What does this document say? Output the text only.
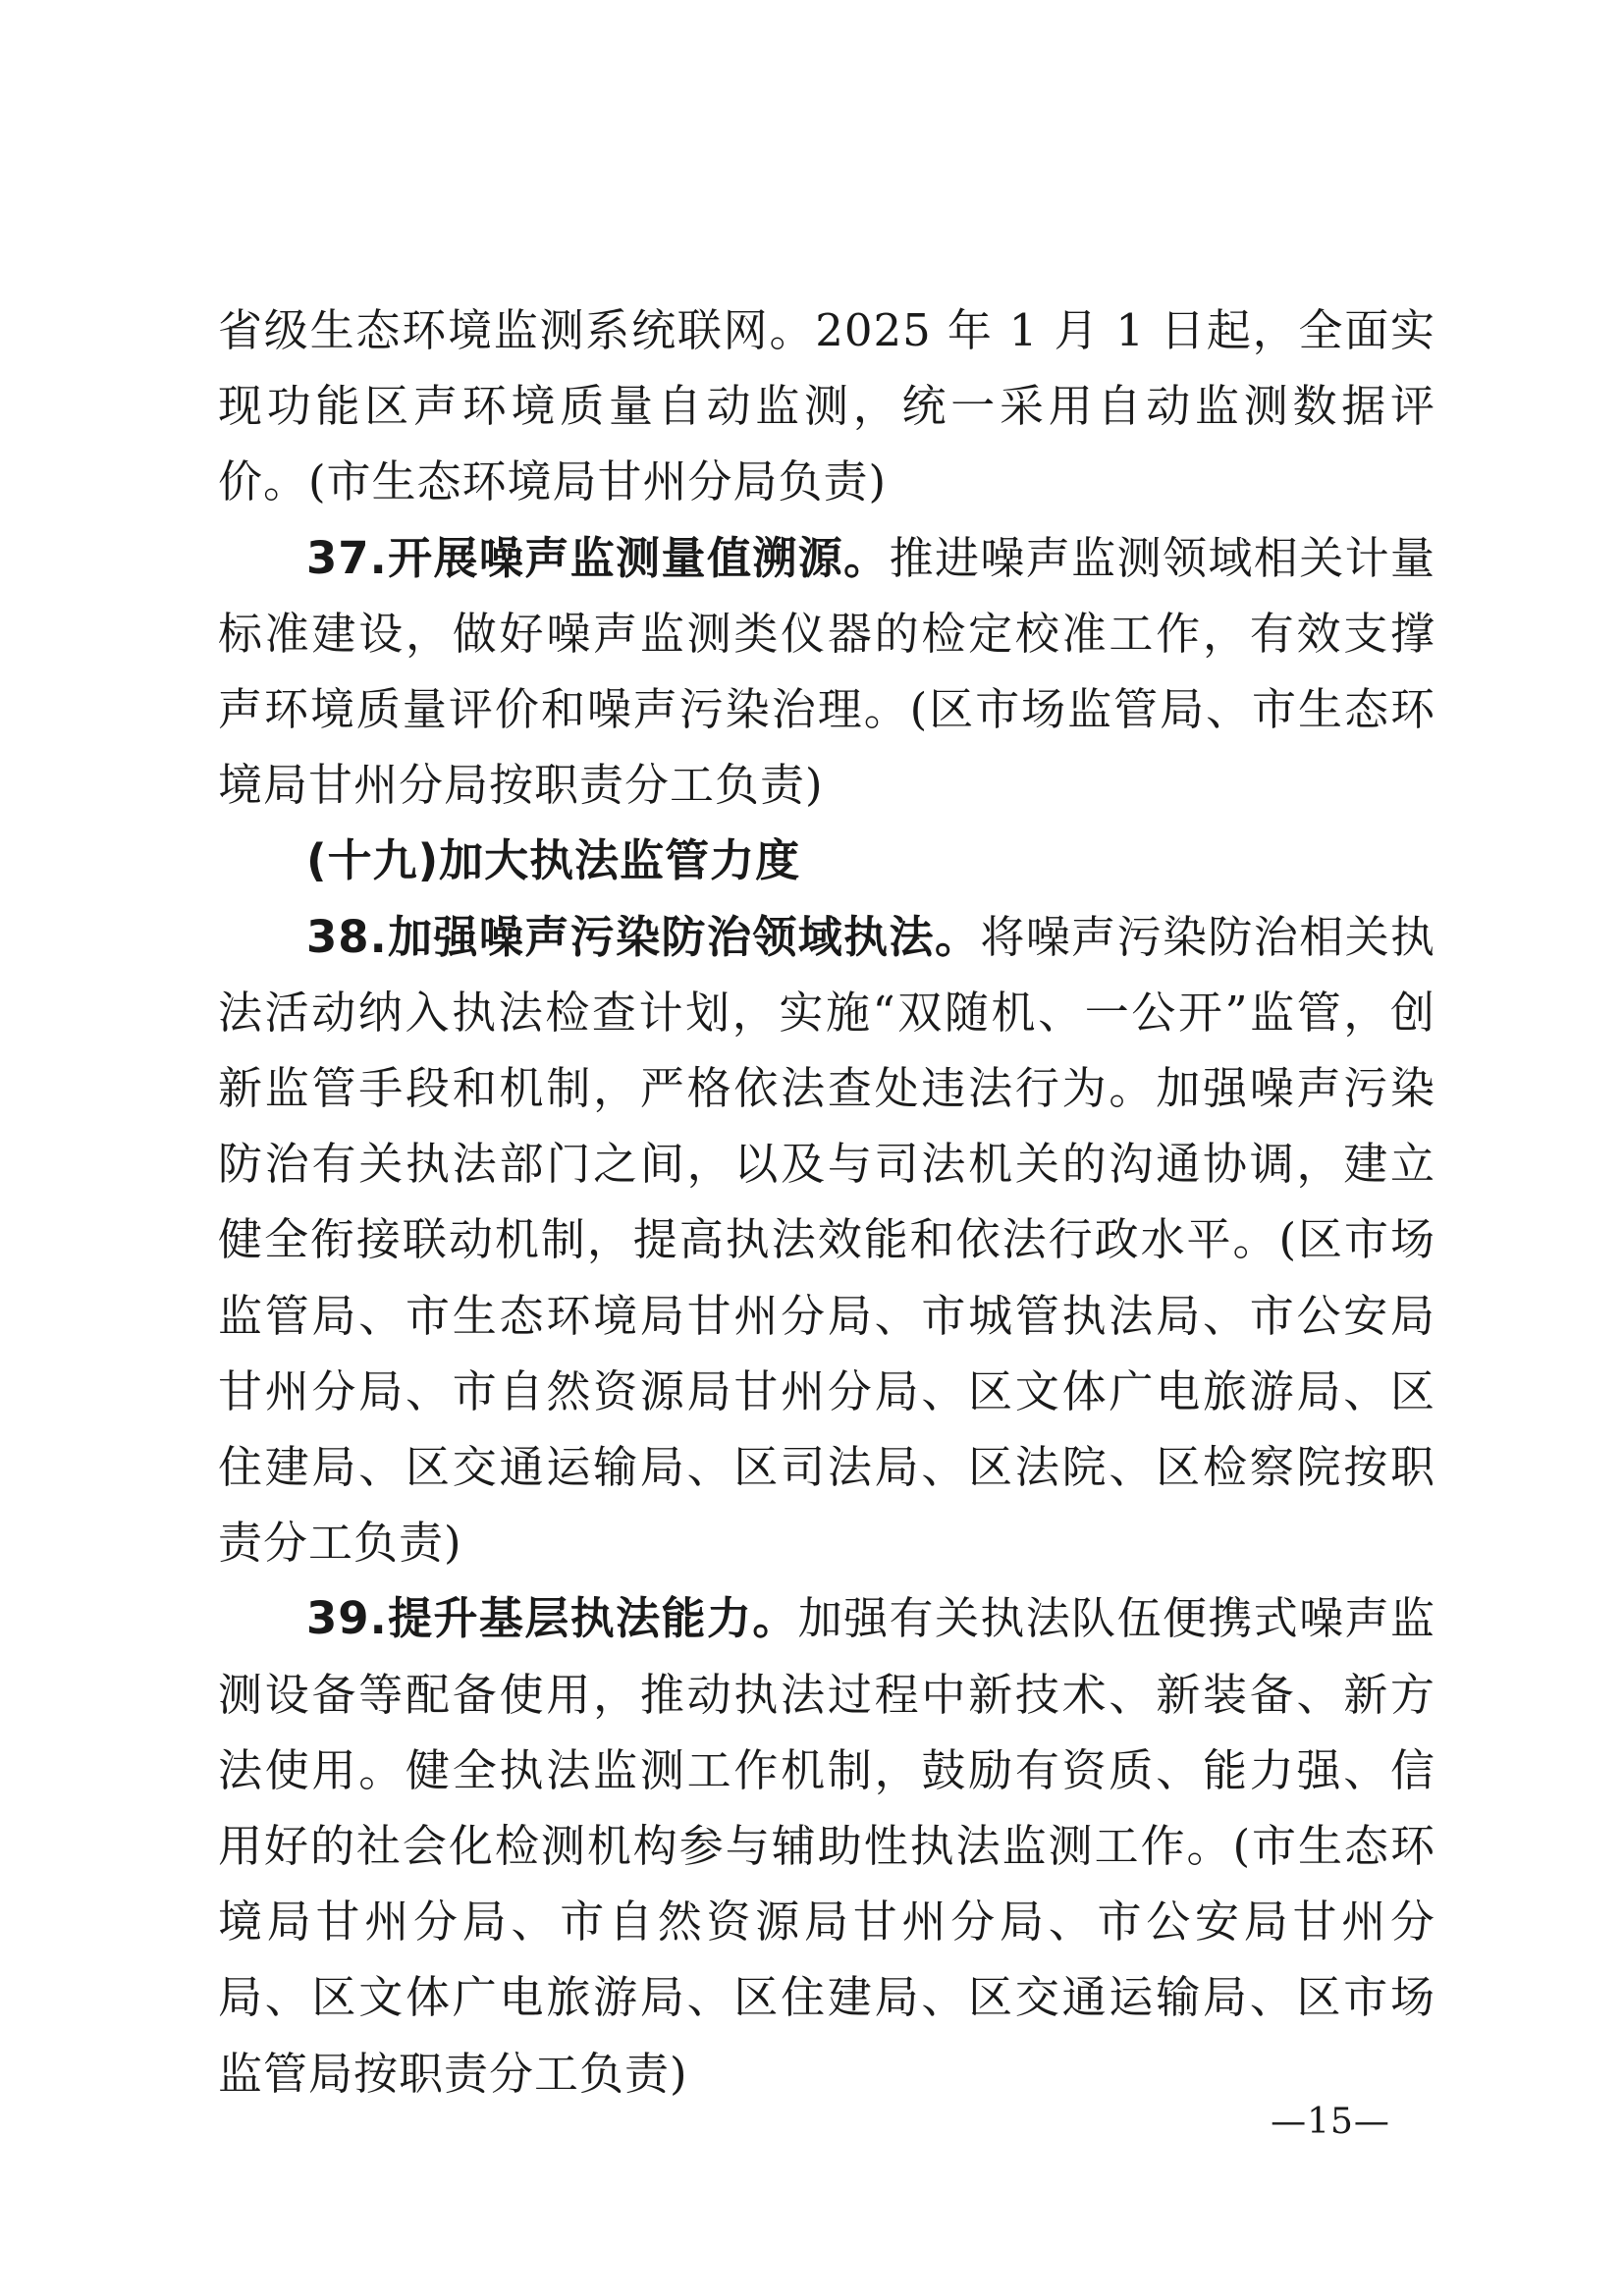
省级生态环境监测系统联网。2025 年 1 月 1 日起，全面实现功能区声环境质量自动监测，统一采用自动监测数据评价。(市生态环境局甘州分局负责)

37.开展噪声监测量值溯源。推进噪声监测领域相关计量标准建设，做好噪声监测类仪器的检定校准工作，有效支撑声环境质量评价和噪声污染治理。(区市场监管局、市生态环境局甘州分局按职责分工负责)

(十九)加大执法监管力度

38.加强噪声污染防治领域执法。将噪声污染防治相关执法活动纳入执法检查计划，实施“双随机、一公开”监管，创新监管手段和机制，严格依法查处违法行为。加强噪声污染防治有关执法部门之间，以及与司法机关的沟通协调，建立健全衔接联动机制，提高执法效能和依法行政水平。(区市场监管局、市生态环境局甘州分局、市城管执法局、市公安局甘州分局、市自然资源局甘州分局、区文体广电旅游局、区住建局、区交通运输局、区司法局、区法院、区检察院按职责分工负责)

39.提升基层执法能力。加强有关执法队伍便携式噪声监测设备等配备使用，推动执法过程中新技术、新装备、新方法使用。健全执法监测工作机制，鼓励有资质、能力强、信用好的社会化检测机构参与辅助性执法监测工作。(市生态环境局甘州分局、市自然资源局甘州分局、市公安局甘州分局、区文体广电旅游局、区住建局、区交通运输局、区市场监管局按职责分工负责)

—15—
